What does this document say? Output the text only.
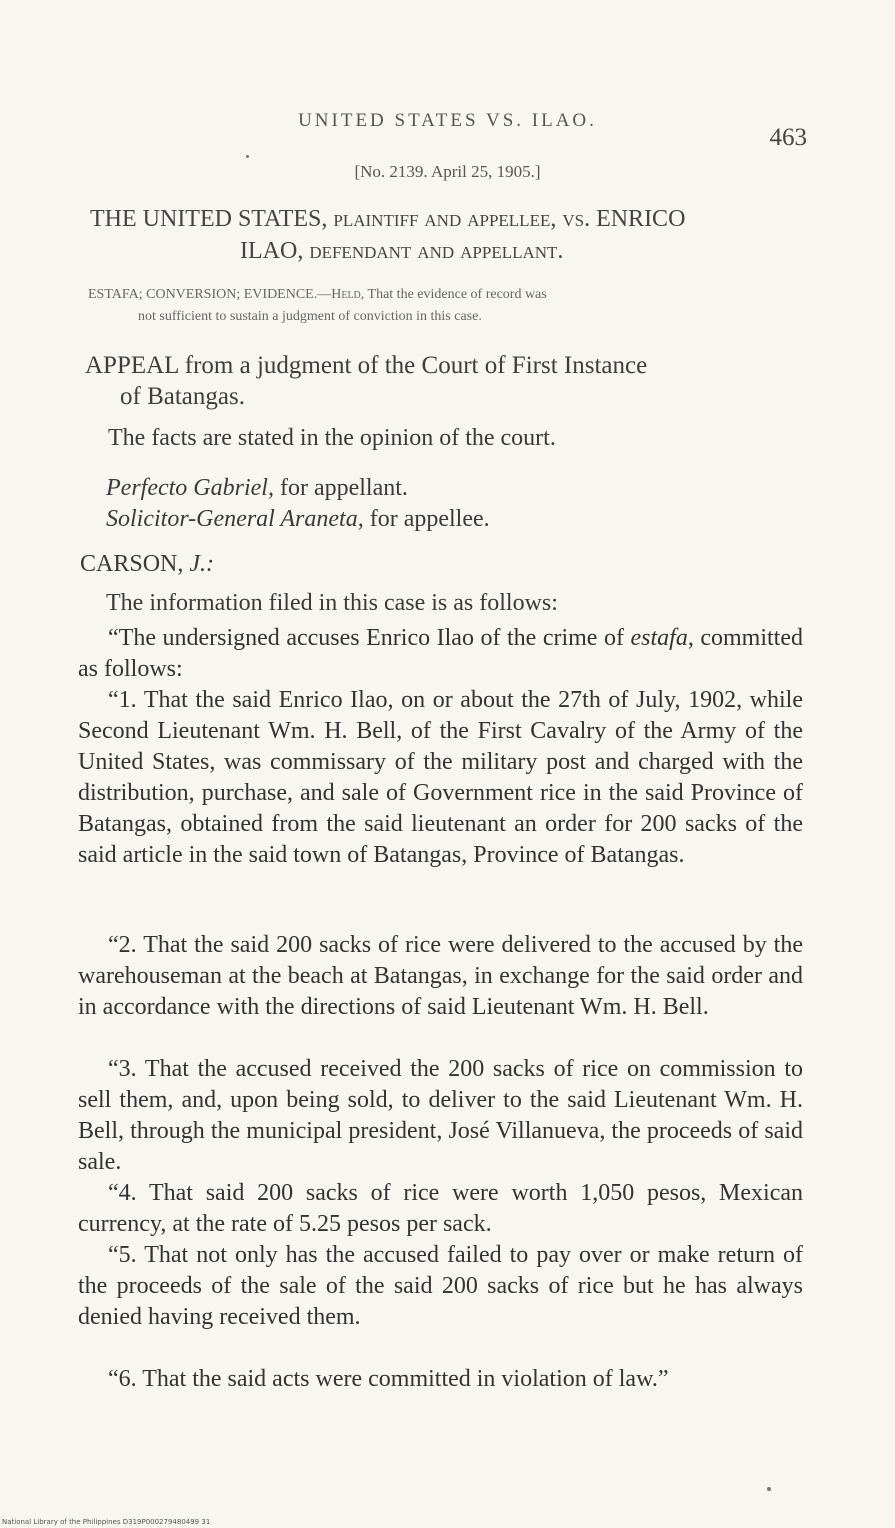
UNITED STATES VS. ILAO.
463
[No. 2139. April 25, 1905.]
THE UNITED STATES, plaintiff and appellee, vs. ENRICO
ILAO, defendant and appellant.
ESTAFA; CONVERSION; EVIDENCE.—Held, That the evidence of record was
not sufficient to sustain a judgment of conviction in this case.
APPEAL from a judgment of the Court of First Instance
of Batangas.
The facts are stated in the opinion of the court.
Perfecto Gabriel, for appellant.
Solicitor-General Araneta, for appellee.
CARSON, J.:
The information filed in this case is as follows:
“The undersigned accuses Enrico Ilao of the crime of estafa, committed as follows:
“1. That the said Enrico Ilao, on or about the 27th of July, 1902, while Second Lieutenant Wm. H. Bell, of the First Cavalry of the Army of the United States, was commissary of the military post and charged with the distribution, purchase, and sale of Government rice in the said Province of Batangas, obtained from the said lieutenant an order for 200 sacks of the said article in the said town of Batangas, Province of Batangas.
“2. That the said 200 sacks of rice were delivered to the accused by the warehouseman at the beach at Batangas, in exchange for the said order and in accordance with the directions of said Lieutenant Wm. H. Bell.
“3. That the accused received the 200 sacks of rice on commission to sell them, and, upon being sold, to deliver to the said Lieutenant Wm. H. Bell, through the municipal president, José Villanueva, the proceeds of said sale.
“4. That said 200 sacks of rice were worth 1,050 pesos, Mexican currency, at the rate of 5.25 pesos per sack.
“5. That not only has the accused failed to pay over or make return of the proceeds of the sale of the said 200 sacks of rice but he has always denied having received them.
“6. That the said acts were committed in violation of law.”
National Library of the Philippines D319P000279480499 31
